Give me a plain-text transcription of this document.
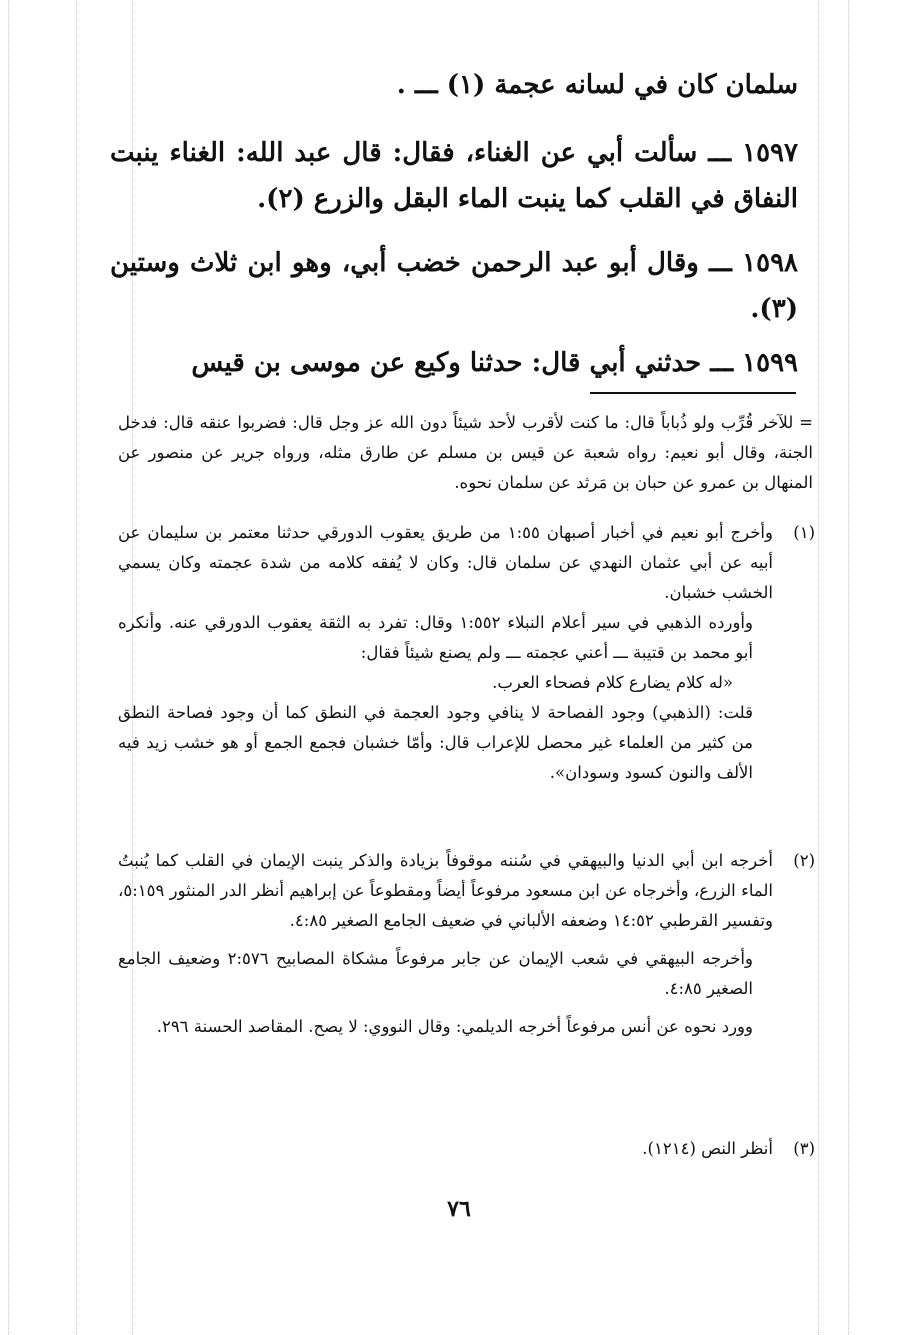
سلمان كان في لسانه عجمة (١) ـــ .
١٥٩٧ ـــ سألت أبي عن الغناء، فقال: قال عبد الله: الغناء ينبت النفاق في القلب كما ينبت الماء البقل والزرع (٢).
١٥٩٨ ـــ وقال أبو عبد الرحمن خضب أبي، وهو ابن ثلاث وستين (٣).
١٥٩٩ ـــ حدثني أبي قال: حدثنا وكيع عن موسى بن قيس
= للآخر قُرِّب ولو ذُباباً قال: ما كنت لأقرب لأحد شيئاً دون الله عز وجل قال: فضربوا عنقه قال: فدخل الجنة، وقال أبو نعيم: رواه شعبة عن قيس بن مسلم عن طارق مثله، ورواه جرير عن منصور عن المنهال بن عمرو عن حبان بن مَرثد عن سلمان نحوه.
(١)
وأخرج أبو نعيم في أخبار أصبهان ١:٥٥ من طريق يعقوب الدورقي حدثنا معتمر بن سليمان عن أبيه عن أبي عثمان النهدي عن سلمان قال: وكان لا يُفقه كلامه من شدة عجمته وكان يسمي الخشب خشبان.
وأورده الذهبي في سير أعلام النبلاء ١:٥٥٢ وقال: تفرد به الثقة يعقوب الدورقي عنه. وأنكره أبو محمد بن قتيبة ـــ أعني عجمته ـــ ولم يصنع شيئاً فقال:
«له كلام يضارع كلام فصحاء العرب.
قلت: (الذهبي) وجود الفصاحة لا ينافي وجود العجمة في النطق كما أن وجود فصاحة النطق من كثير من العلماء غير محصل للإعراب قال: وأمّا خشبان فجمع الجمع أو هو خشب زيد فيه الألف والنون كسود وسودان».
(٢)
أخرجه ابن أبي الدنيا والبيهقي في سُننه موقوفاً بزيادة والذكر ينبت الإيمان في القلب كما يُنبتُ الماء الزرع، وأخرجاه عن ابن مسعود مرفوعاً أيضاً ومقطوعاً عن إبراهيم أنظر الدر المنثور ٥:١٥٩، وتفسير القرطبي ١٤:٥٢ وضعفه الألباني في ضعيف الجامع الصغير ٤:٨٥.
وأخرجه البيهقي في شعب الإيمان عن جابر مرفوعاً مشكاة المصابيح ٢:٥٧٦ وضعيف الجامع الصغير ٤:٨٥.
وورد نحوه عن أنس مرفوعاً أخرجه الديلمي: وقال النووي: لا يصح. المقاصد الحسنة ٢٩٦.
(٣)
أنظر النص (١٢١٤).
٧٦
